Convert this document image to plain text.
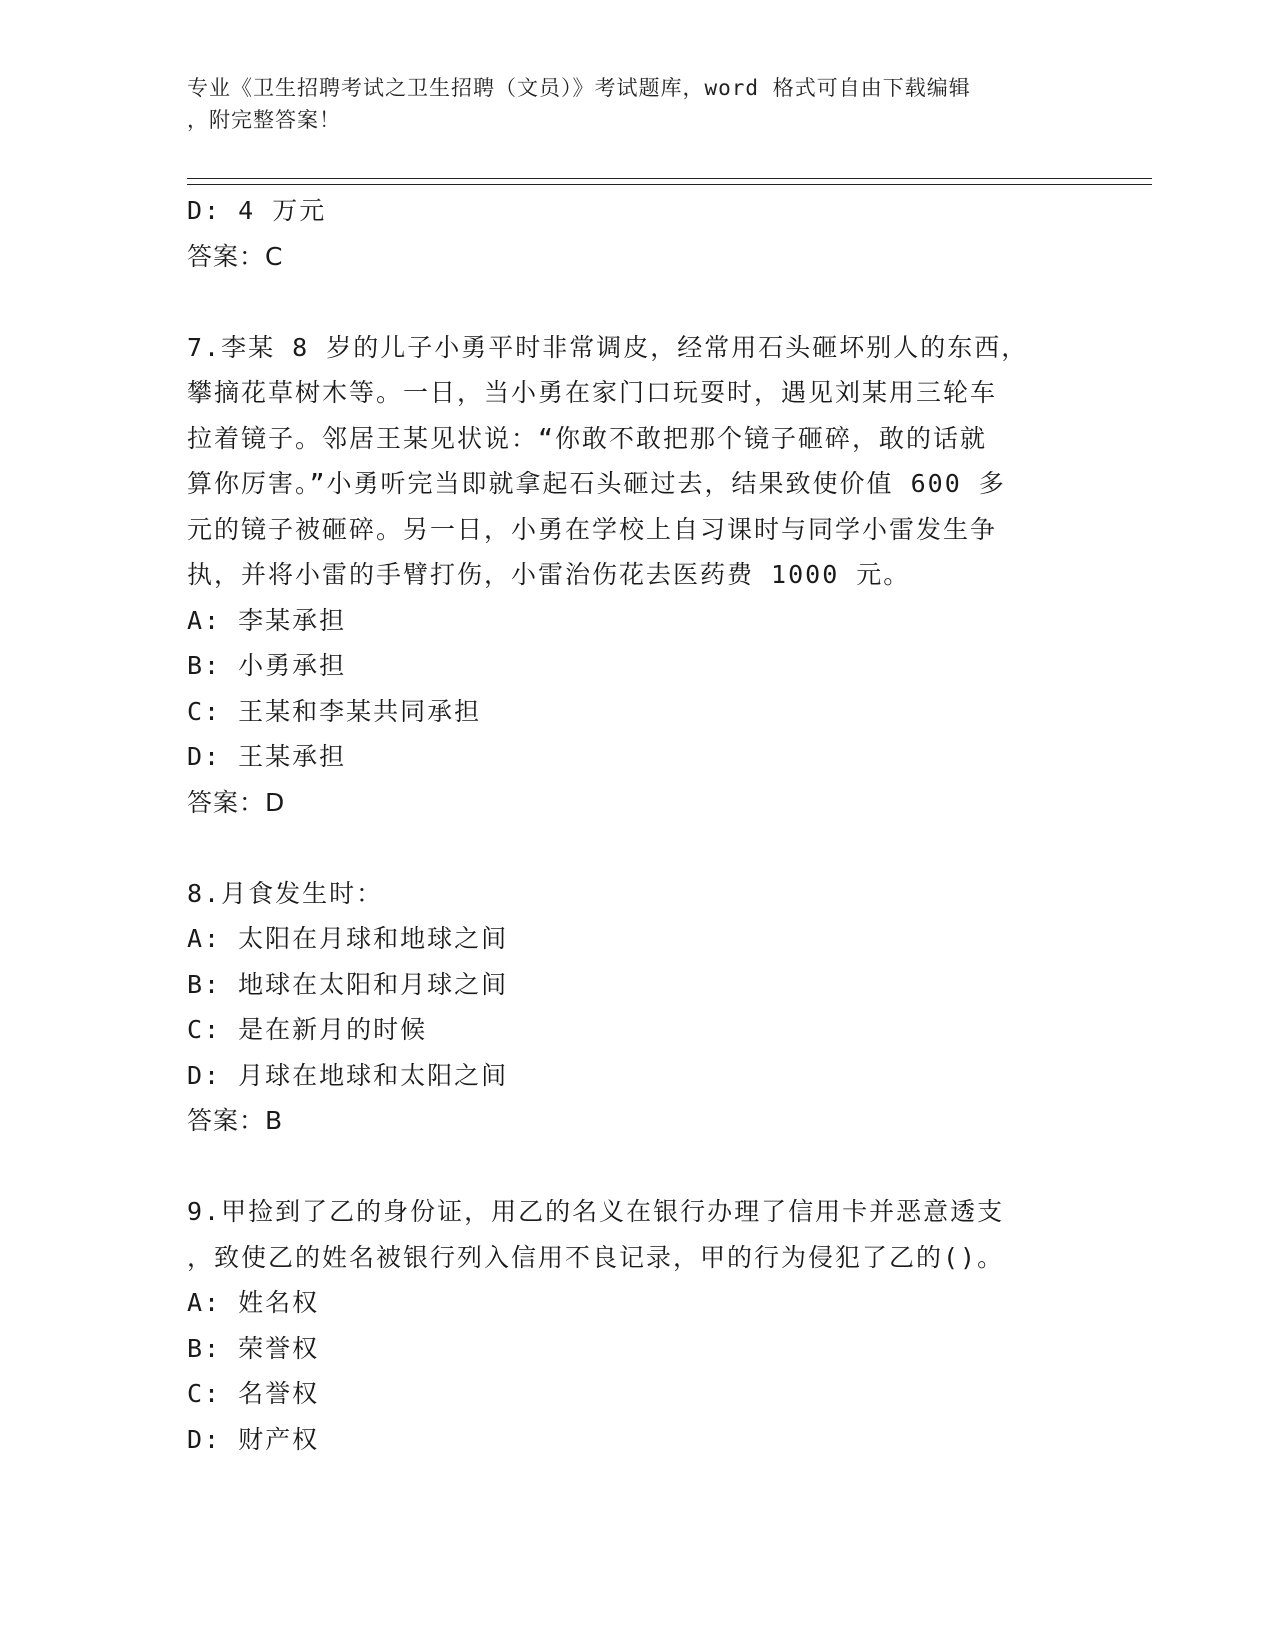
专业《卫生招聘考试之卫生招聘（文员）》考试题库，word 格式可自由下载编辑
，附完整答案！
D: 4 万元
答案：C
7.李某 8 岁的儿子小勇平时非常调皮，经常用石头砸坏别人的东西，
攀摘花草树木等。一日，当小勇在家门口玩耍时，遇见刘某用三轮车
拉着镜子。邻居王某见状说：“你敢不敢把那个镜子砸碎，敢的话就
算你厉害。”小勇听完当即就拿起石头砸过去，结果致使价值 600 多
元的镜子被砸碎。另一日，小勇在学校上自习课时与同学小雷发生争
执，并将小雷的手臂打伤，小雷治伤花去医药费 1000 元。
A: 李某承担
B: 小勇承担
C: 王某和李某共同承担
D: 王某承担
答案：D
8.月食发生时：
A: 太阳在月球和地球之间
B: 地球在太阳和月球之间
C: 是在新月的时候
D: 月球在地球和太阳之间
答案：B
9.甲捡到了乙的身份证，用乙的名义在银行办理了信用卡并恶意透支
，致使乙的姓名被银行列入信用不良记录，甲的行为侵犯了乙的()。
A: 姓名权
B: 荣誉权
C: 名誉权
D: 财产权
